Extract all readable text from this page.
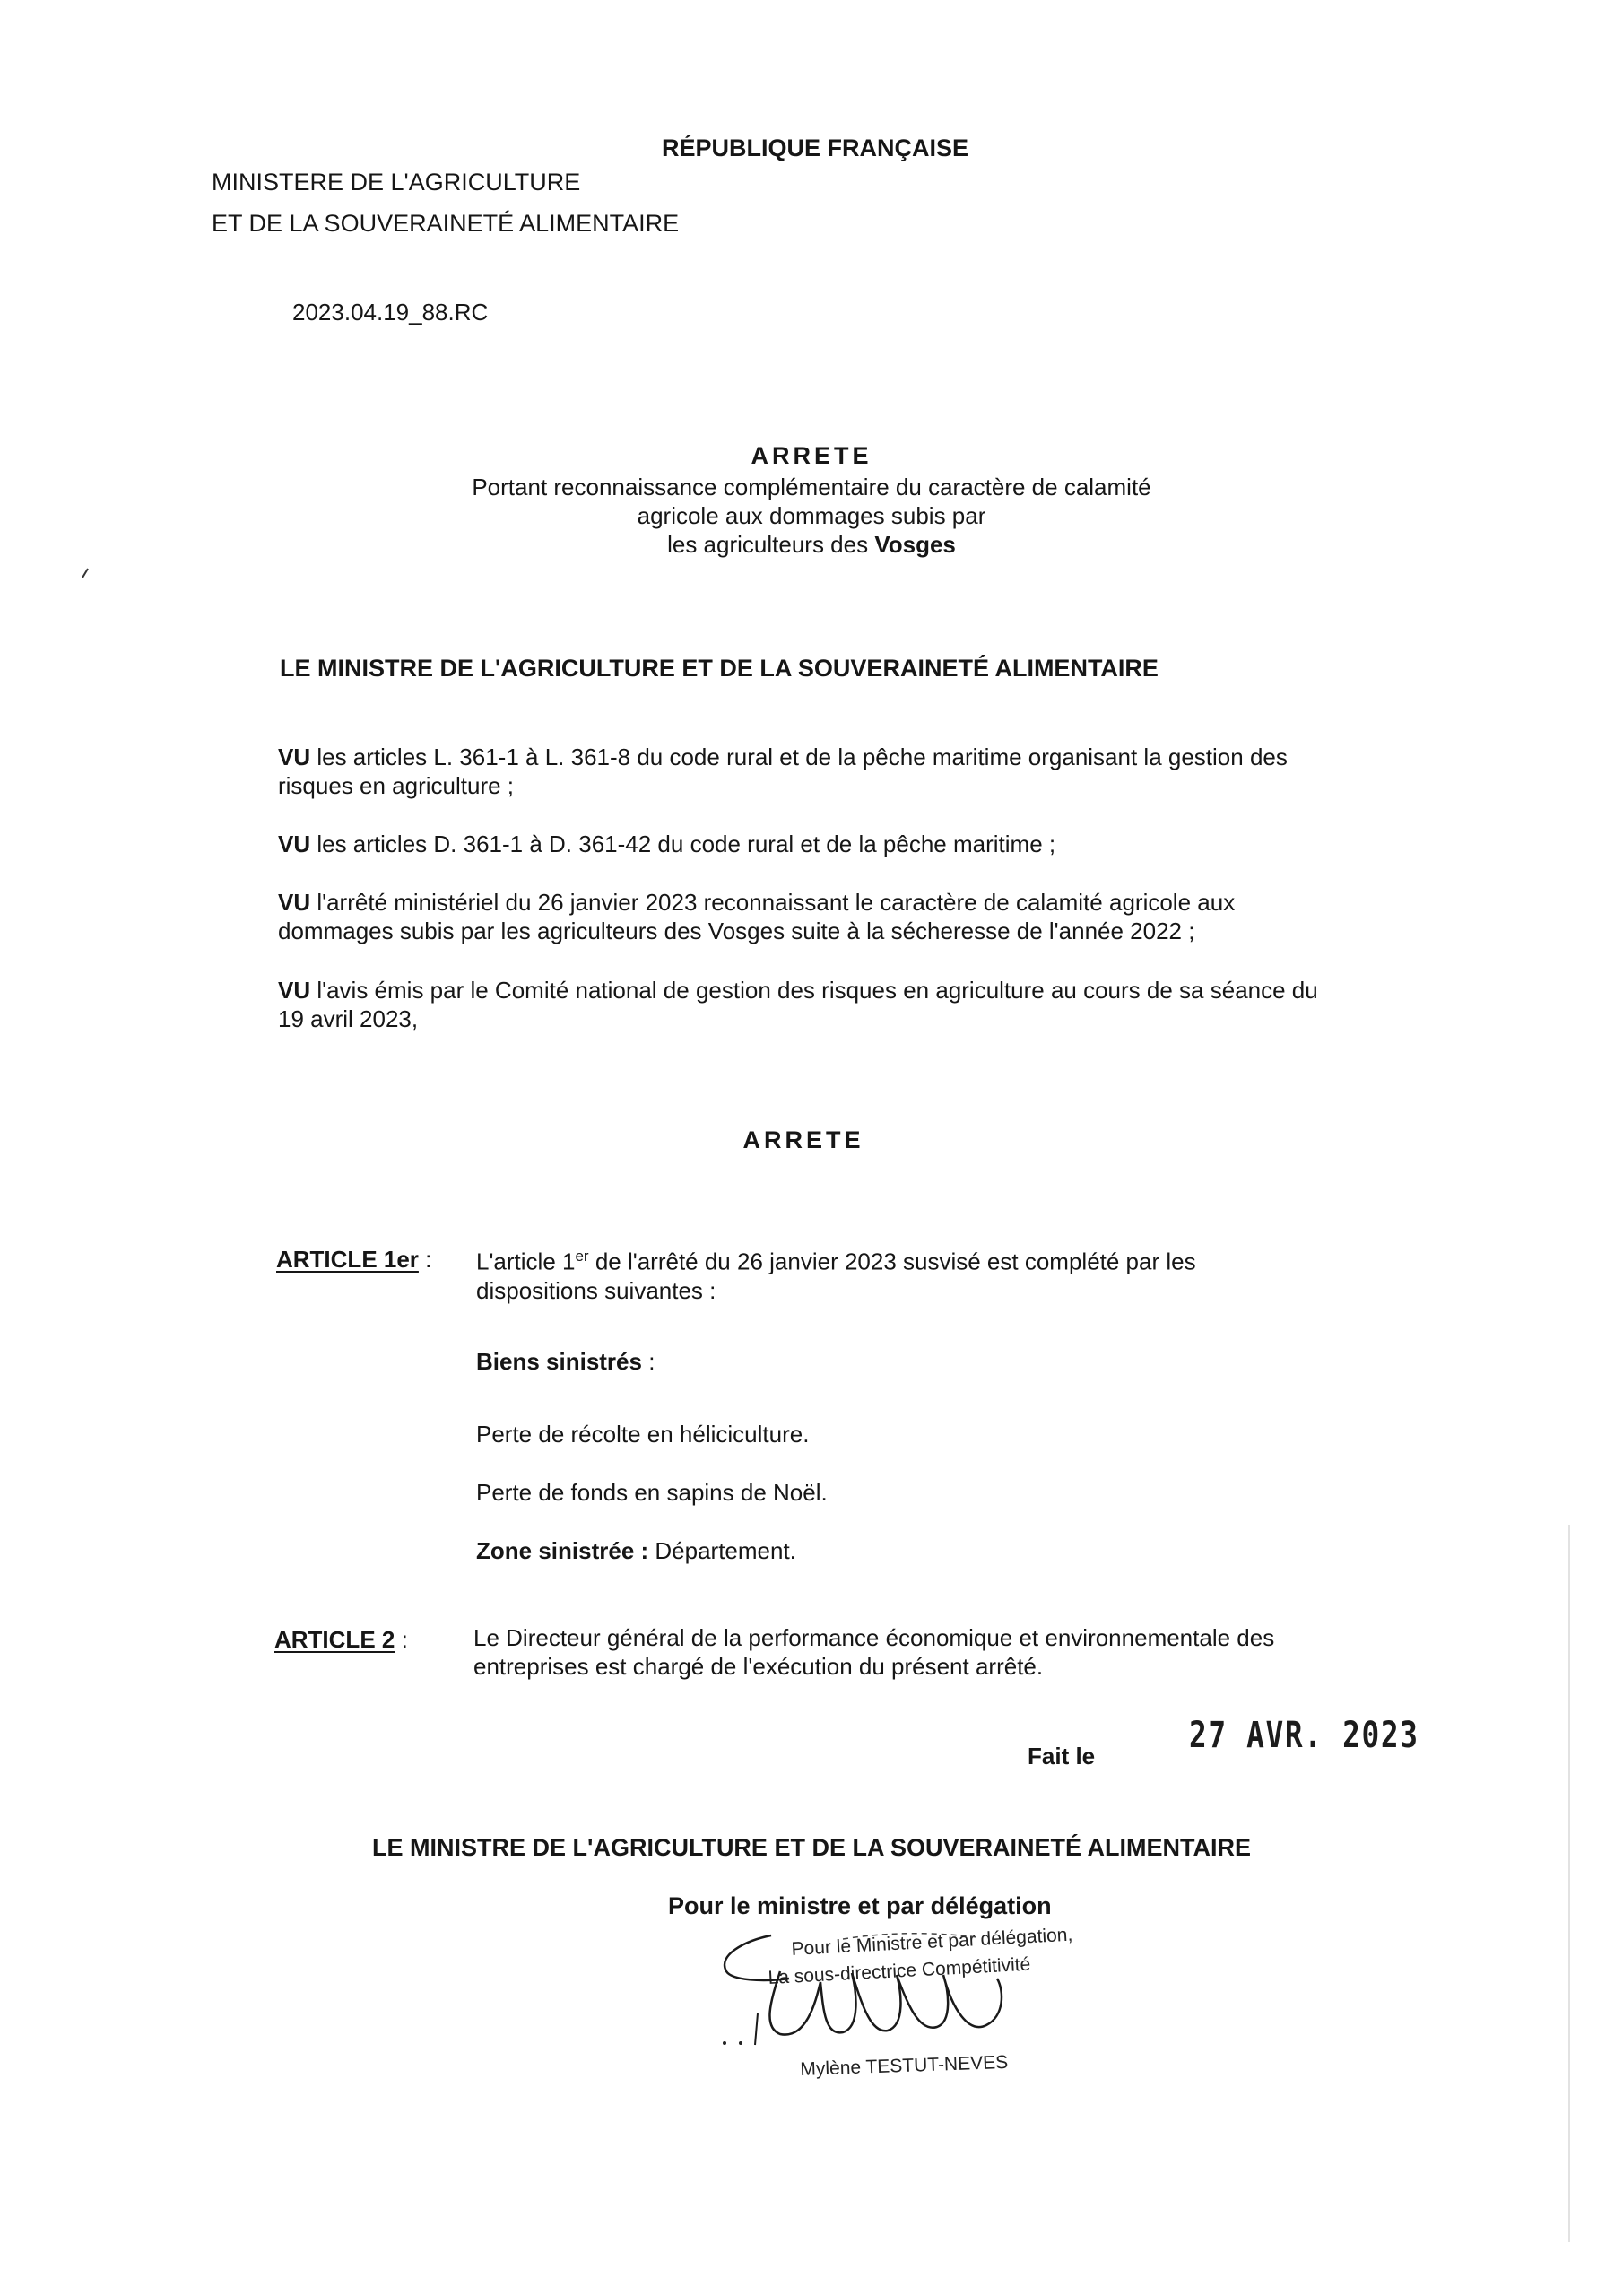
RÉPUBLIQUE FRANÇAISE
MINISTERE DE L'AGRICULTURE
ET DE LA SOUVERAINETÉ ALIMENTAIRE
2023.04.19_88.RC
ARRETE
Portant reconnaissance complémentaire du caractère de calamité
agricole aux dommages subis par
les agriculteurs des Vosges
LE MINISTRE DE L'AGRICULTURE ET DE LA SOUVERAINETÉ ALIMENTAIRE
VU les articles L. 361-1 à L. 361-8 du code rural et de la pêche maritime organisant la gestion des risques en agriculture ;
VU les articles D. 361-1 à D. 361-42 du code rural et de la pêche maritime ;
VU l'arrêté ministériel du 26 janvier 2023 reconnaissant le caractère de calamité agricole aux dommages subis par les agriculteurs des Vosges suite à la sécheresse de l'année 2022 ;
VU l'avis émis par le Comité national de gestion des risques en agriculture au cours de sa séance du 19 avril 2023,
ARRETE
ARTICLE 1er : L'article 1er de l'arrêté du 26 janvier 2023 susvisé est complété par les dispositions suivantes :
Biens sinistrés :
Perte de récolte en héliciculture.
Perte de fonds en sapins de Noël.
Zone sinistrée : Département.
ARTICLE 2 :	Le Directeur général de la performance économique et environnementale des entreprises est chargé de l'exécution du présent arrêté.
Fait le	27 AVR. 2023
LE MINISTRE DE L'AGRICULTURE ET DE LA SOUVERAINETÉ ALIMENTAIRE
Pour le ministre et par délégation
Pour le Ministre et par délégation,
La sous-directrice Compétitivité
Mylène TESTUT-NEVES
